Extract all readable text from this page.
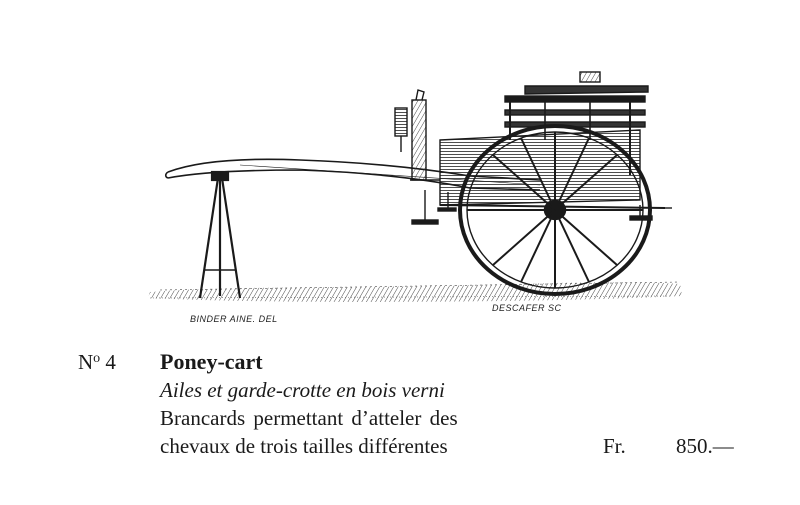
BINDER AINE. DEL
DESCAFER SC
$N^o$ 4 Poney-cart
Ailes et garde-crotte en bois verni
Brancards permettant d’atteler des
chevaux de trois tailles différentes	Fr. 850.—
